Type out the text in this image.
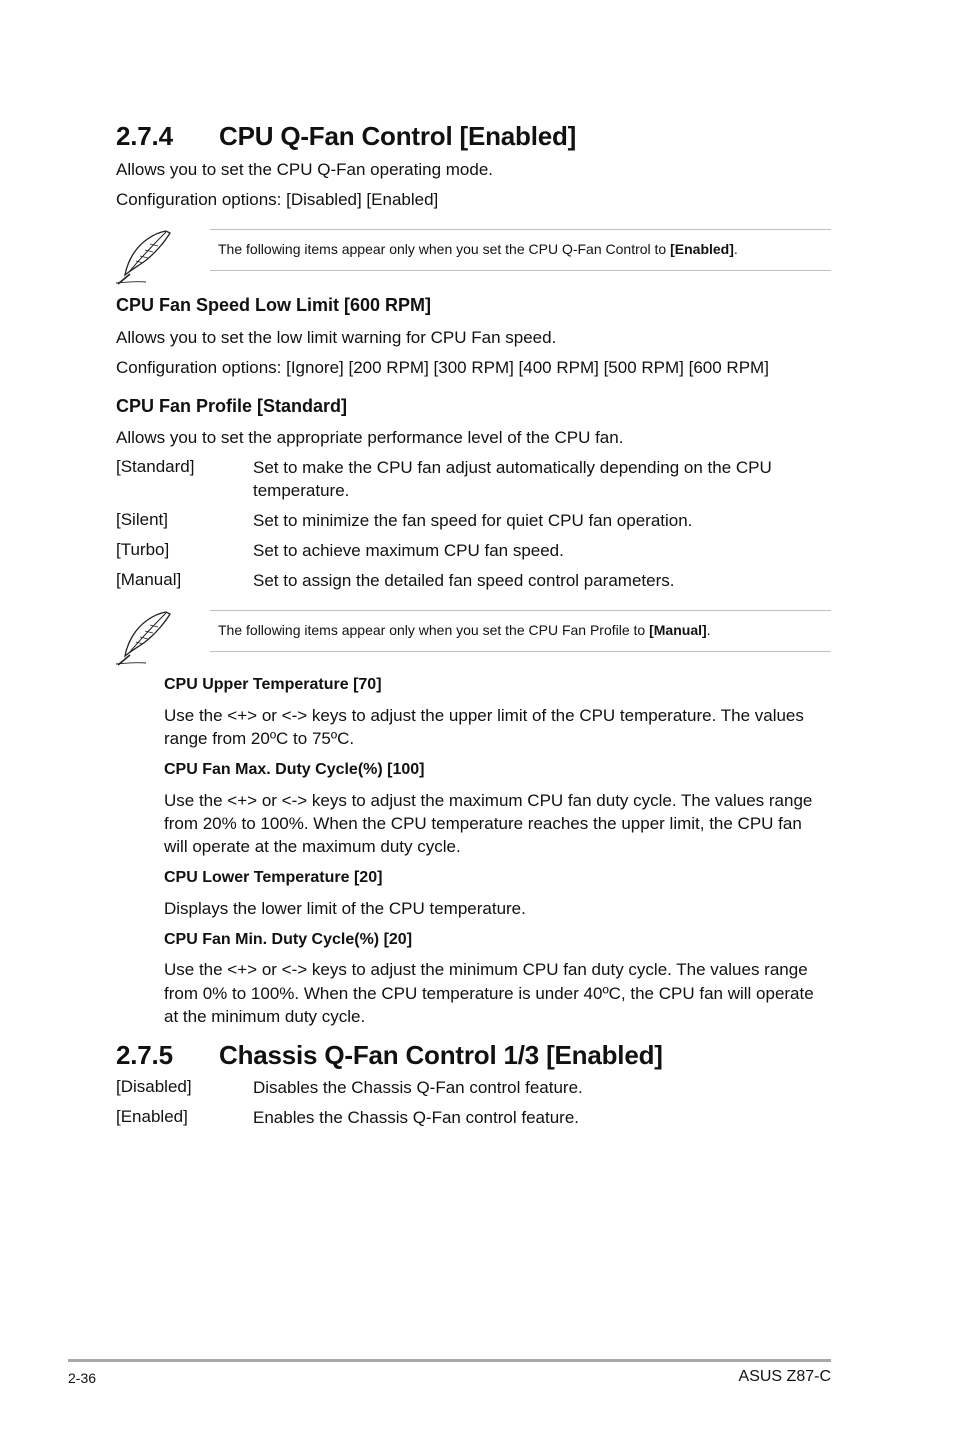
2.7.4 CPU Q-Fan Control [Enabled]
Allows you to set the CPU Q-Fan operating mode.
Configuration options: [Disabled] [Enabled]
The following items appear only when you set the CPU Q-Fan Control to [Enabled].
CPU Fan Speed Low Limit [600 RPM]
Allows you to set the low limit warning for CPU Fan speed.
Configuration options: [Ignore] [200 RPM] [300 RPM] [400 RPM] [500 RPM] [600 RPM]
CPU Fan Profile [Standard]
Allows you to set the appropriate performance level of the CPU fan.
[Standard]	Set to make the CPU fan adjust automatically depending on the CPU temperature.
[Silent]	Set to minimize the fan speed for quiet CPU fan operation.
[Turbo]	Set to achieve maximum CPU fan speed.
[Manual]	Set to assign the detailed fan speed control parameters.
The following items appear only when you set the CPU Fan Profile to [Manual].
CPU Upper Temperature [70]
Use the <+> or <-> keys to adjust the upper limit of the CPU temperature. The values
range from 20ºC to 75ºC.
CPU Fan Max. Duty Cycle(%) [100]
Use the <+> or <-> keys to adjust the maximum CPU fan duty cycle. The values range
from 20% to 100%. When the CPU temperature reaches the upper limit, the CPU fan
will operate at the maximum duty cycle.
CPU Lower Temperature [20]
Displays the lower limit of the CPU temperature.
CPU Fan Min. Duty Cycle(%) [20]
Use the <+> or <-> keys to adjust the minimum CPU fan duty cycle. The values range
from 0% to 100%. When the CPU temperature is under 40ºC, the CPU fan will operate
at the minimum duty cycle.
2.7.5 Chassis Q-Fan Control 1/3 [Enabled]
[Disabled]	Disables the Chassis Q-Fan control feature.
[Enabled]	Enables the Chassis Q-Fan control feature.
2-36	ASUS Z87-C
